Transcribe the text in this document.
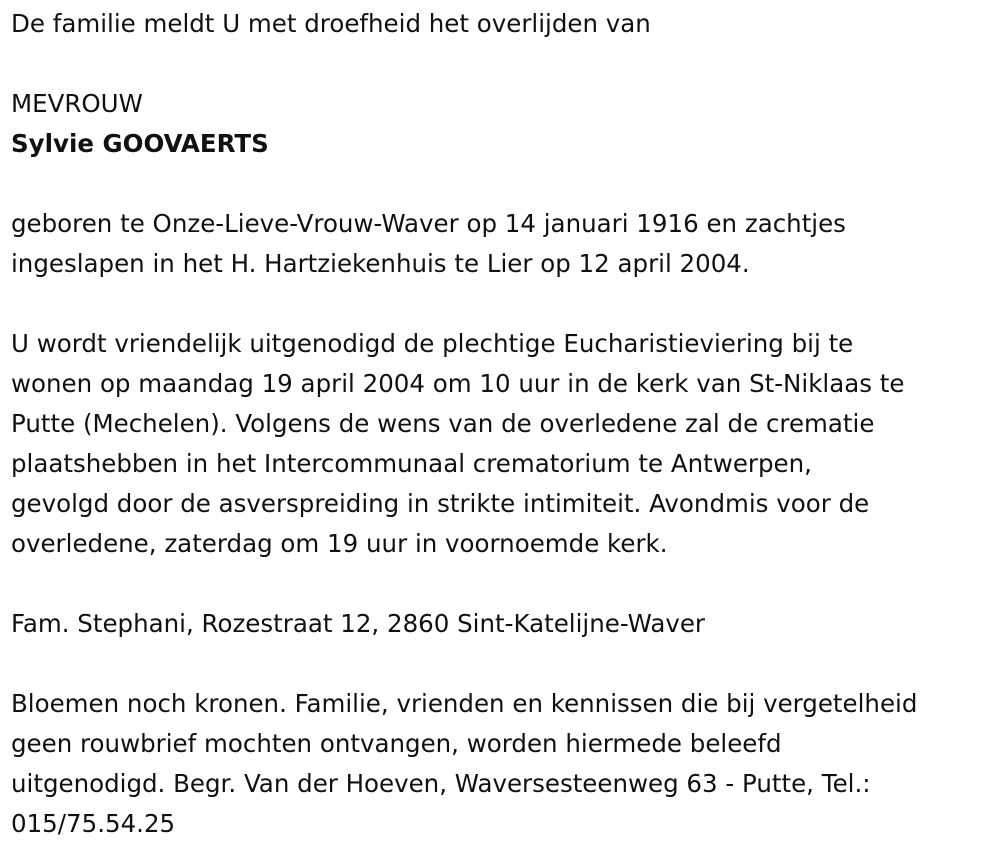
De familie meldt U met droefheid het overlijden van

MEVROUW

Sylvie GOOVAERTS

geboren te Onze-Lieve-Vrouw-Waver op 14 januari 1916 en zachtjes

ingeslapen in het H. Hartziekenhuis te Lier op 12 april 2004.

U wordt vriendelijk uitgenodigd de plechtige Eucharistieviering bij te

wonen op maandag 19 april 2004 om 10 uur in de kerk van St-Niklaas te

Putte (Mechelen). Volgens de wens van de overledene zal de crematie

plaatshebben in het Intercommunaal crematorium te Antwerpen,

gevolgd door de asverspreiding in strikte intimiteit. Avondmis voor de

overledene, zaterdag om 19 uur in voornoemde kerk.

Fam. Stephani, Rozestraat 12, 2860 Sint-Katelijne-Waver

Bloemen noch kronen. Familie, vrienden en kennissen die bij vergetelheid

geen rouwbrief mochten ontvangen, worden hiermede beleefd

uitgenodigd. Begr. Van der Hoeven, Waversesteenweg 63 - Putte, Tel.:

015/75.54.25
